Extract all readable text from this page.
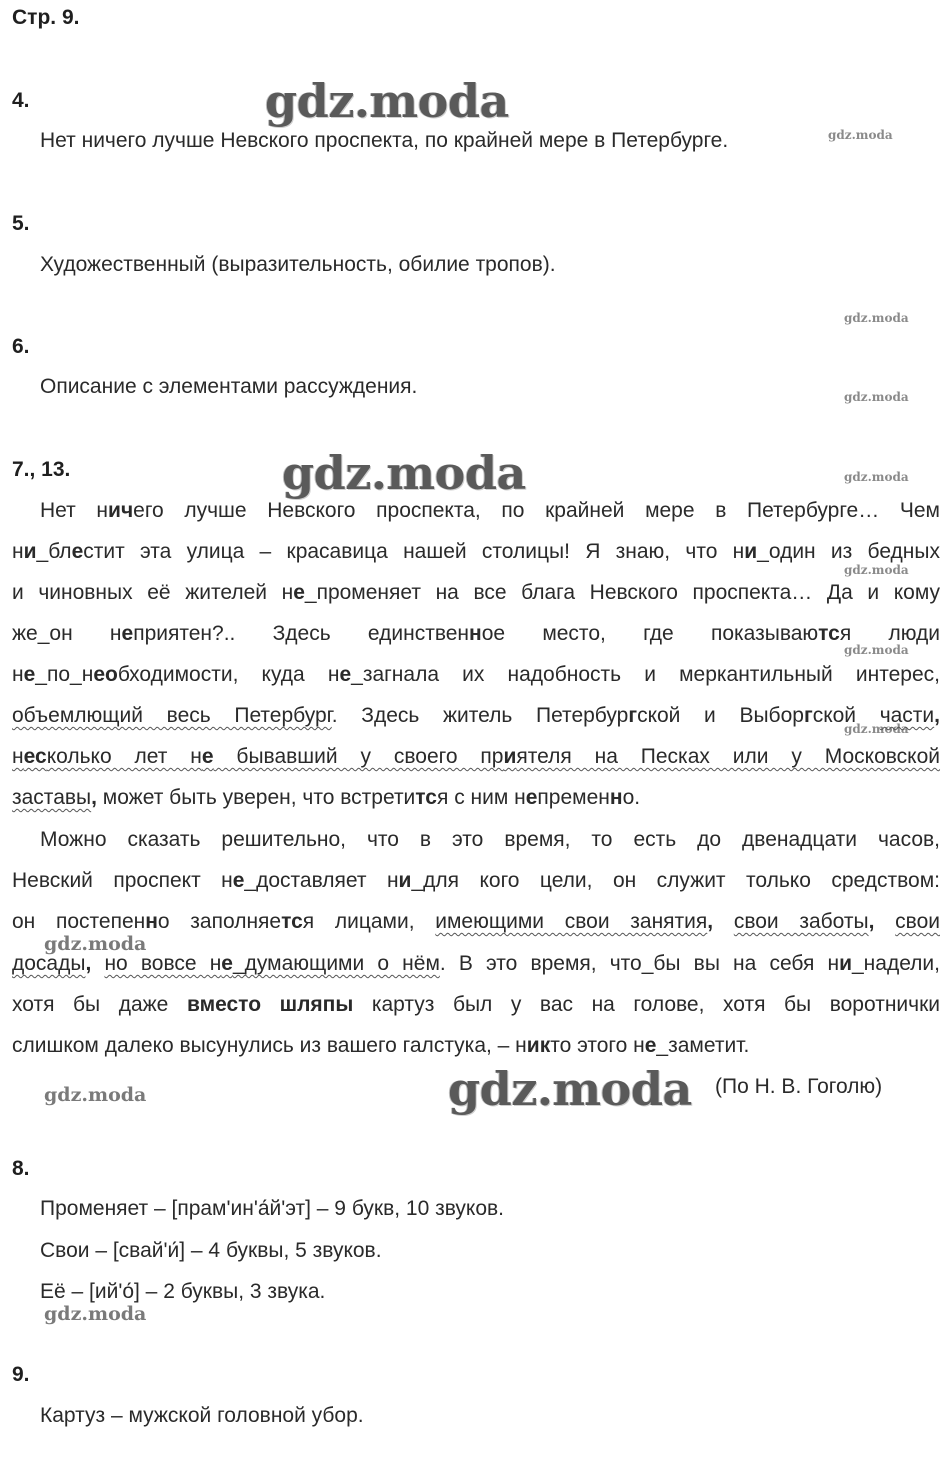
Стр. 9.
4.	gdz.moda
Нет ничего лучше Невского проспекта, по крайней мере в Петербурге.	gdz.moda
5.
Художественный (выразительность, обилие тропов).
gdz.moda
6.
Описание с элементами рассуждения.	gdz.moda
7., 13.	gdz.moda	gdz.moda
Нет ничего лучше Невского проспекта, по крайней мере в Петербурге… Чем
ни_блестит эта улица – красавица нашей столицы! Я знаю, что ни_один из бедных
gdz.moda
и чиновных её жителей не_променяет на все блага Невского проспекта… Да и кому
же_он неприятен?.. Здесь единственное место, где показываются люди
gdz.moda
не_по_необходимости, куда не_загнала их надобность и меркантильный интерес,
gdz.moda
объемлющий весь Петербург. Здесь житель Петербургской и Выборгской части,
несколько лет не бывавший у своего приятеля на Песках или у Московской
заставы, может быть уверен, что встретится с ним непременно.
Можно сказать решительно, что в это время, то есть до двенадцати часов,
Невский проспект не_доставляет ни_для кого цели, он служит только средством:
он постепенно заполняется лицами, имеющими свои занятия, свои заботы, свои
gdz.moda
досады, но вовсе не_думающими о нём. В это время, что_бы вы на себя ни_надели,
хотя бы даже вместо шляпы картуз был у вас на голове, хотя бы воротнички
слишком далеко высунулись из вашего галстука, – никто этого не_заметит.
gdz.moda	gdz.moda (По Н. В. Гоголю)
8.
Променяет – [прам'ин'а́й'эт] – 9 букв, 10 звуков.
Свои – [свай'и́] – 4 буквы, 5 звуков.
Её – [ий'о́] – 2 буквы, 3 звука.
gdz.moda
9.
Картуз – мужской головной убор.
